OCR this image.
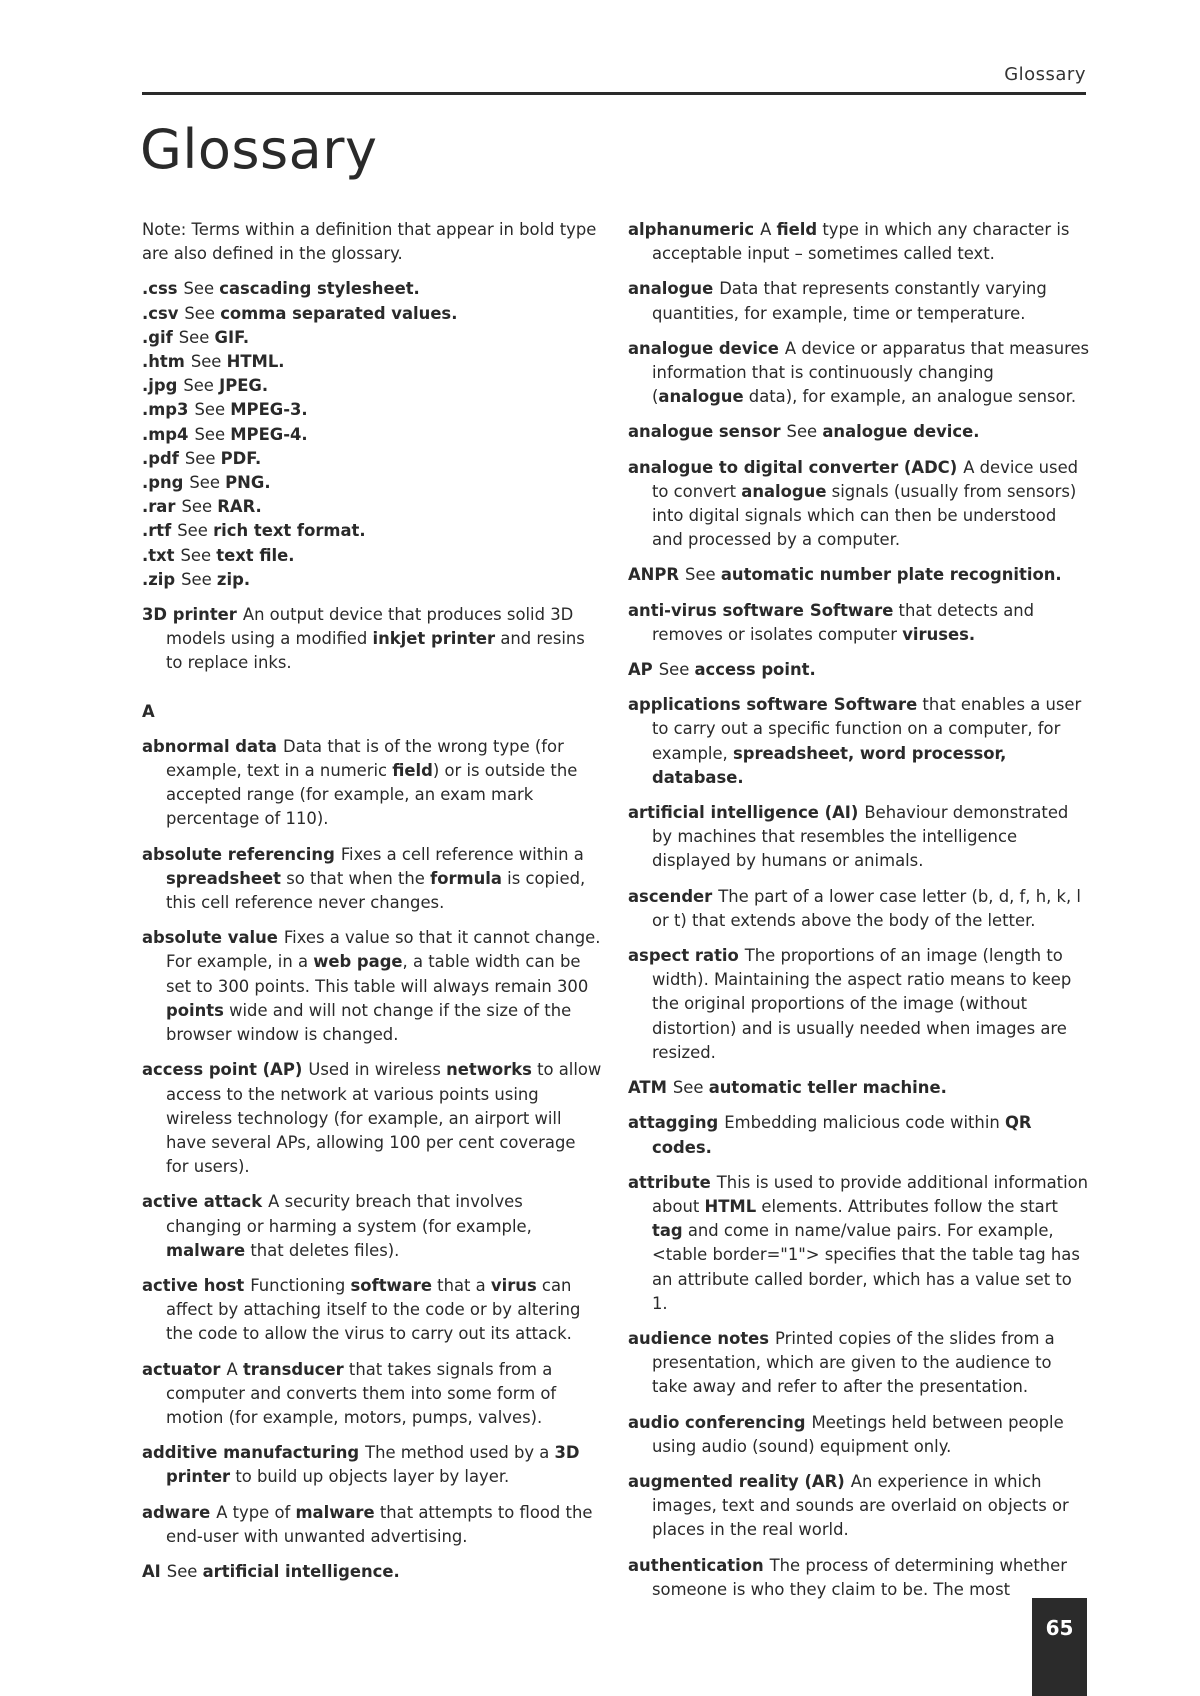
Glossary
Glossary

Note: Terms within a definition that appear in bold type are also defined in the glossary.

.css See cascading stylesheet.

.csv See comma separated values.

.gif See GIF.

.htm See HTML.

.jpg See JPEG.

.mp3 See MPEG-3.

.mp4 See MPEG-4.

.pdf See PDF.

.png See PNG.

.rar See RAR.

.rtf See rich text format.

.txt See text file.

.zip See zip.

3D printer An output device that produces solid 3D models using a modified inkjet printer and resins to replace inks.

A

abnormal data Data that is of the wrong type (for example, text in a numeric field) or is outside the accepted range (for example, an exam mark percentage of 110).

absolute referencing Fixes a cell reference within a spreadsheet so that when the formula is copied, this cell reference never changes.

absolute value Fixes a value so that it cannot change. For example, in a web page, a table width can be set to 300 points. This table will always remain 300 points wide and will not change if the size of the browser window is changed.

access point (AP) Used in wireless networks to allow access to the network at various points using wireless technology (for example, an airport will have several APs, allowing 100 per cent coverage for users).

active attack A security breach that involves changing or harming a system (for example, malware that deletes files).

active host Functioning software that a virus can affect by attaching itself to the code or by altering the code to allow the virus to carry out its attack.

actuator A transducer that takes signals from a computer and converts them into some form of motion (for example, motors, pumps, valves).

additive manufacturing The method used by a 3D printer to build up objects layer by layer.

adware A type of malware that attempts to flood the end-user with unwanted advertising.

AI See artificial intelligence.

alphanumeric A field type in which any character is acceptable input – sometimes called text.

analogue Data that represents constantly varying quantities, for example, time or temperature.

analogue device A device or apparatus that measures information that is continuously changing (analogue data), for example, an analogue sensor.

analogue sensor See analogue device.

analogue to digital converter (ADC) A device used to convert analogue signals (usually from sensors) into digital signals which can then be understood and processed by a computer.

ANPR See automatic number plate recognition.

anti-virus software Software that detects and removes or isolates computer viruses.

AP See access point.

applications software Software that enables a user to carry out a specific function on a computer, for example, spreadsheet, word processor, database.

artificial intelligence (AI) Behaviour demonstrated by machines that resembles the intelligence displayed by humans or animals.

ascender The part of a lower case letter (b, d, f, h, k, l or t) that extends above the body of the letter.

aspect ratio The proportions of an image (length to width). Maintaining the aspect ratio means to keep the original proportions of the image (without distortion) and is usually needed when images are resized.

ATM See automatic teller machine.

attagging Embedding malicious code within QR codes.

attribute This is used to provide additional information about HTML elements. Attributes follow the start tag and come in name/value pairs. For example, <table border="1"> specifies that the table tag has an attribute called border, which has a value set to 1.

audience notes Printed copies of the slides from a presentation, which are given to the audience to take away and refer to after the presentation.

audio conferencing Meetings held between people using audio (sound) equipment only.

augmented reality (AR) An experience in which images, text and sounds are overlaid on objects or places in the real world.

authentication The process of determining whether someone is who they claim to be. The most

65
